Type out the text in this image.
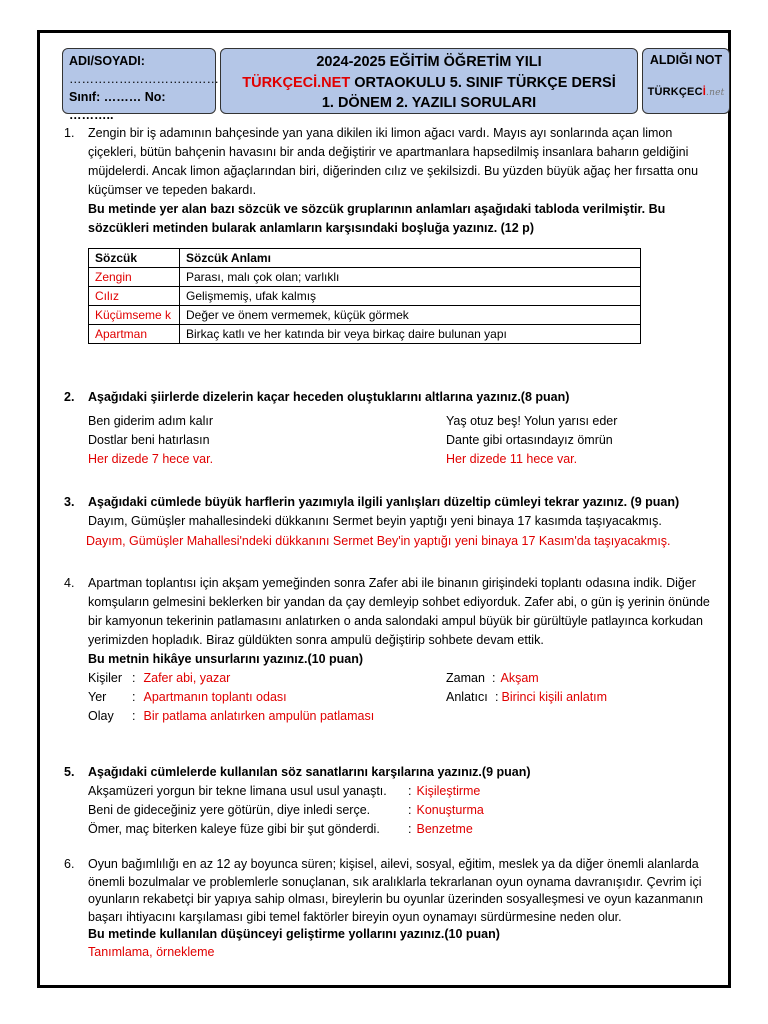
ADI/SOYADI:
………………………………
Sınıf: ……… No: ………..
2024-2025 EĞİTİM ÖĞRETİM YILI
TÜRKÇECİ.NET ORTAOKULU 5. SINIF TÜRKÇE DERSİ
1. DÖNEM 2. YAZILI SORULARI
ALDIĞI NOT
TÜRKÇECİ.net
1.	Zengin bir iş adamının bahçesinde yan yana dikilen iki limon ağacı vardı. Mayıs ayı sonlarında açan limon çiçekleri, bütün bahçenin havasını bir anda değiştirir ve apartmanlara hapsedilmiş insanlara baharın geldiğini müjdelerdi. Ancak limon ağaçlarından biri, diğerinden cılız ve şekilsizdi. Bu yüzden büyük ağaç her fırsatta onu küçümser ve tepeden bakardı.
Bu metinde yer alan bazı sözcük ve sözcük gruplarının anlamları aşağıdaki tabloda verilmiştir. Bu sözcükleri metinden bularak anlamların karşısındaki boşluğa yazınız. (12 p)
Sözcük	Sözcük Anlamı
Zengin	Parası, malı çok olan; varlıklı
Cılız	Gelişmemiş, ufak kalmış
Küçümseme k	Değer ve önem vermemek, küçük görmek
Apartman	Birkaç katlı ve her katında bir veya birkaç daire bulunan yapı
2.	Aşağıdaki şiirlerde dizelerin kaçar heceden oluştuklarını altlarına yazınız.(8 puan)
Ben giderim adım kalır
Dostlar beni hatırlasın
Her dizede 7 hece var.
Yaş otuz beş! Yolun yarısı eder
Dante gibi ortasındayız ömrün
Her dizede 11 hece var.
3.	Aşağıdaki cümlede büyük harflerin yazımıyla ilgili yanlışları düzeltip cümleyi tekrar yazınız. (9 puan)
Dayım, Gümüşler mahallesindeki dükkanını Sermet beyin yaptığı yeni binaya 17 kasımda taşıyacakmış.
Dayım, Gümüşler Mahallesi'ndeki dükkanını Sermet Bey'in yaptığı yeni binaya 17 Kasım'da taşıyacakmış.
4.	Apartman toplantısı için akşam yemeğinden sonra Zafer abi ile binanın girişindeki toplantı odasına indik. Diğer komşuların gelmesini beklerken bir yandan da çay demleyip sohbet ediyorduk. Zafer abi, o gün iş yerinin önünde bir kamyonun tekerinin patlamasını anlatırken o anda salondaki ampul büyük bir gürültüyle patlayınca korkudan yerimizden hopladık. Biraz güldükten sonra ampulü değiştirip sohbete devam ettik.
Bu metnin hikâye unsurlarını yazınız.(10 puan)
Kişiler : Zafer abi, yazar
Yer	: Apartmanın toplantı odası
Olay	: Bir patlama anlatırken ampulün patlaması
Zaman : Akşam
Anlatıcı : Birinci kişili anlatım
5.	Aşağıdaki cümlelerde kullanılan söz sanatlarını karşılarına yazınız.(9 puan)
Akşamüzeri yorgun bir tekne limana usul usul yanaştı.	: Kişileştirme
Beni de gideceğiniz yere götürün, diye inledi serçe.	: Konuşturma
Ömer, maç biterken kaleye füze gibi bir şut gönderdi.	: Benzetme
6.	Oyun bağımlılığı en az 12 ay boyunca süren; kişisel, ailevi, sosyal, eğitim, meslek ya da diğer önemli alanlarda önemli bozulmalar ve problemlerle sonuçlanan, sık aralıklarla tekrarlanan oyun oynama davranışıdır. Çevrim içi oyunların rekabetçi bir yapıya sahip olması, bireylerin bu oyunlar üzerinden sosyalleşmesi ve oyun kazanmanın başarı ihtiyacını karşılaması gibi temel faktörler bireyin oyun oynamayı sürdürmesine neden olur.
Bu metinde kullanılan düşünceyi geliştirme yollarını yazınız.(10 puan)
Tanımlama, örnekleme
